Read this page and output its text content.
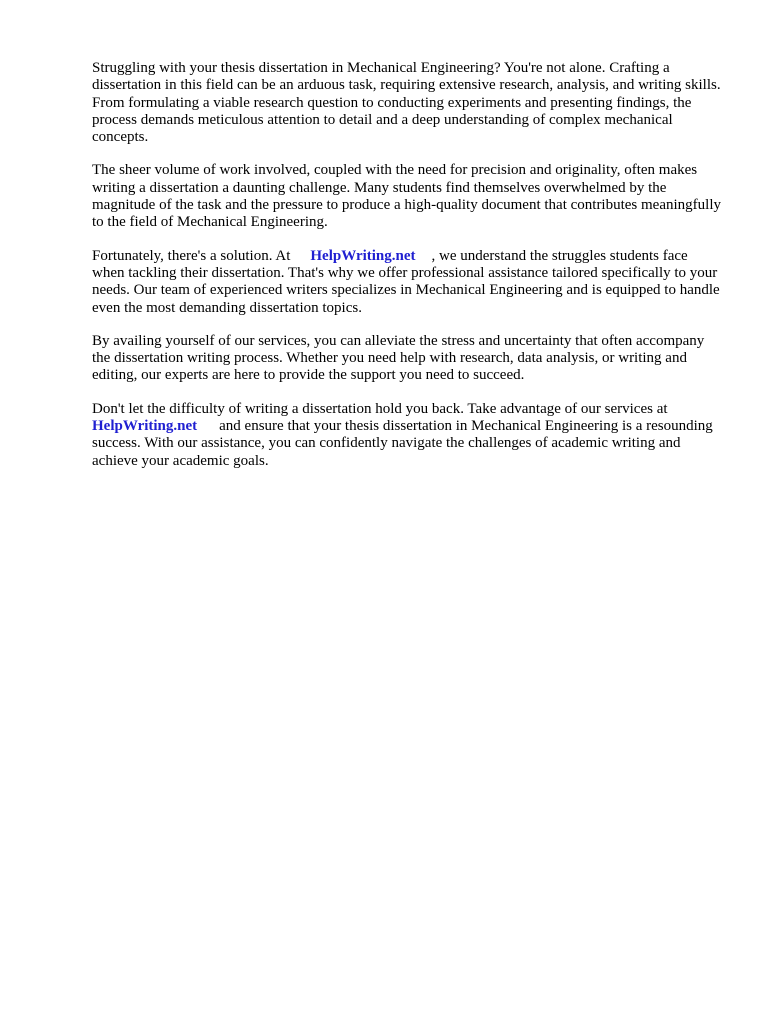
Struggling with your thesis dissertation in Mechanical Engineering? You're not alone. Crafting a dissertation in this field can be an arduous task, requiring extensive research, analysis, and writing skills. From formulating a viable research question to conducting experiments and presenting findings, the process demands meticulous attention to detail and a deep understanding of complex mechanical concepts.

The sheer volume of work involved, coupled with the need for precision and originality, often makes writing a dissertation a daunting challenge. Many students find themselves overwhelmed by the magnitude of the task and the pressure to produce a high-quality document that contributes meaningfully to the field of Mechanical Engineering.

Fortunately, there's a solution. At HelpWriting.net , we understand the struggles students face when tackling their dissertation. That's why we offer professional assistance tailored specifically to your needs. Our team of experienced writers specializes in Mechanical Engineering and is equipped to handle even the most demanding dissertation topics.

By availing yourself of our services, you can alleviate the stress and uncertainty that often accompany the dissertation writing process. Whether you need help with research, data analysis, or writing and editing, our experts are here to provide the support you need to succeed.

Don't let the difficulty of writing a dissertation hold you back. Take advantage of our services at HelpWriting.net and ensure that your thesis dissertation in Mechanical Engineering is a resounding success. With our assistance, you can confidently navigate the challenges of academic writing and achieve your academic goals.
